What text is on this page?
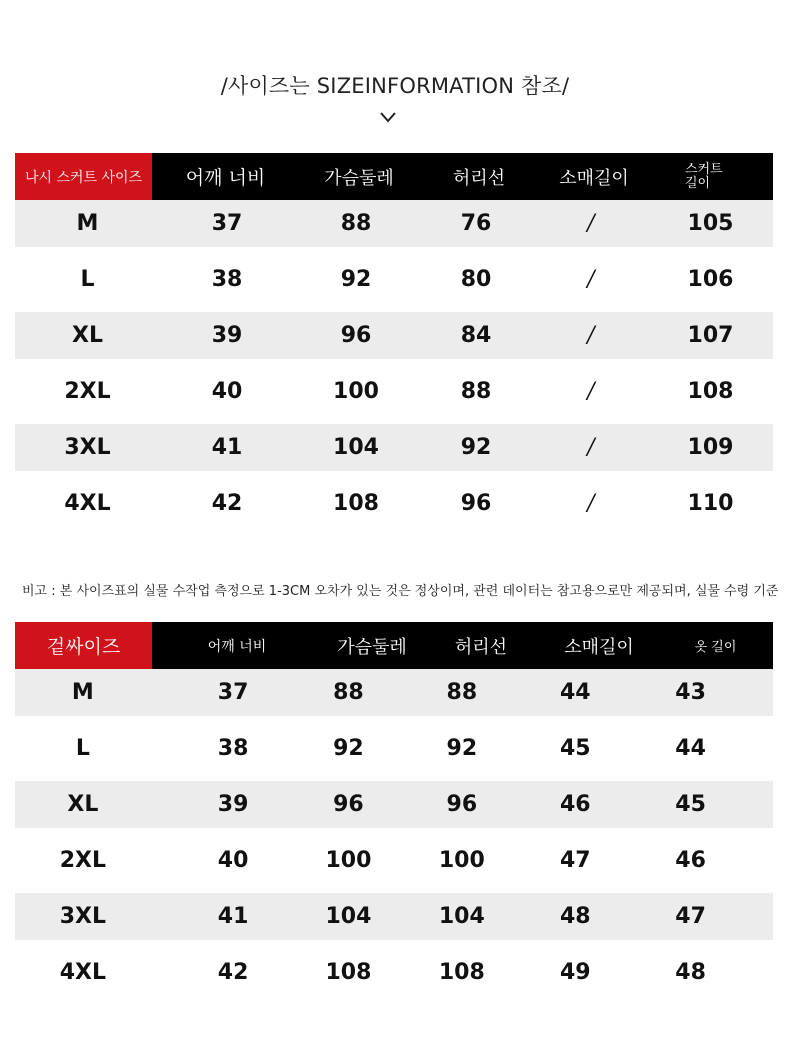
/사이즈는 SIZEINFORMATION 참조/
나시 스커트 사이즈	어깨 너비	가슴둘레	허리선	소매길이	스커트 길이
M	37	88	76	/	105
L	38	92	80	/	106
XL	39	96	84	/	107
2XL	40	100	88	/	108
3XL	41	104	92	/	109
4XL	42	108	96	/	110
비고 : 본 사이즈표의 실물 수작업 측정으로 1-3CM 오차가 있는 것은 정상이며, 관련 데이터는 참고용으로만 제공되며, 실물 수령 기준
겉싸이즈	어깨 너비	가슴둘레	허리선	소매길이	옷 길이
M	37	88	88	44	43
L	38	92	92	45	44
XL	39	96	96	46	45
2XL	40	100	100	47	46
3XL	41	104	104	48	47
4XL	42	108	108	49	48
